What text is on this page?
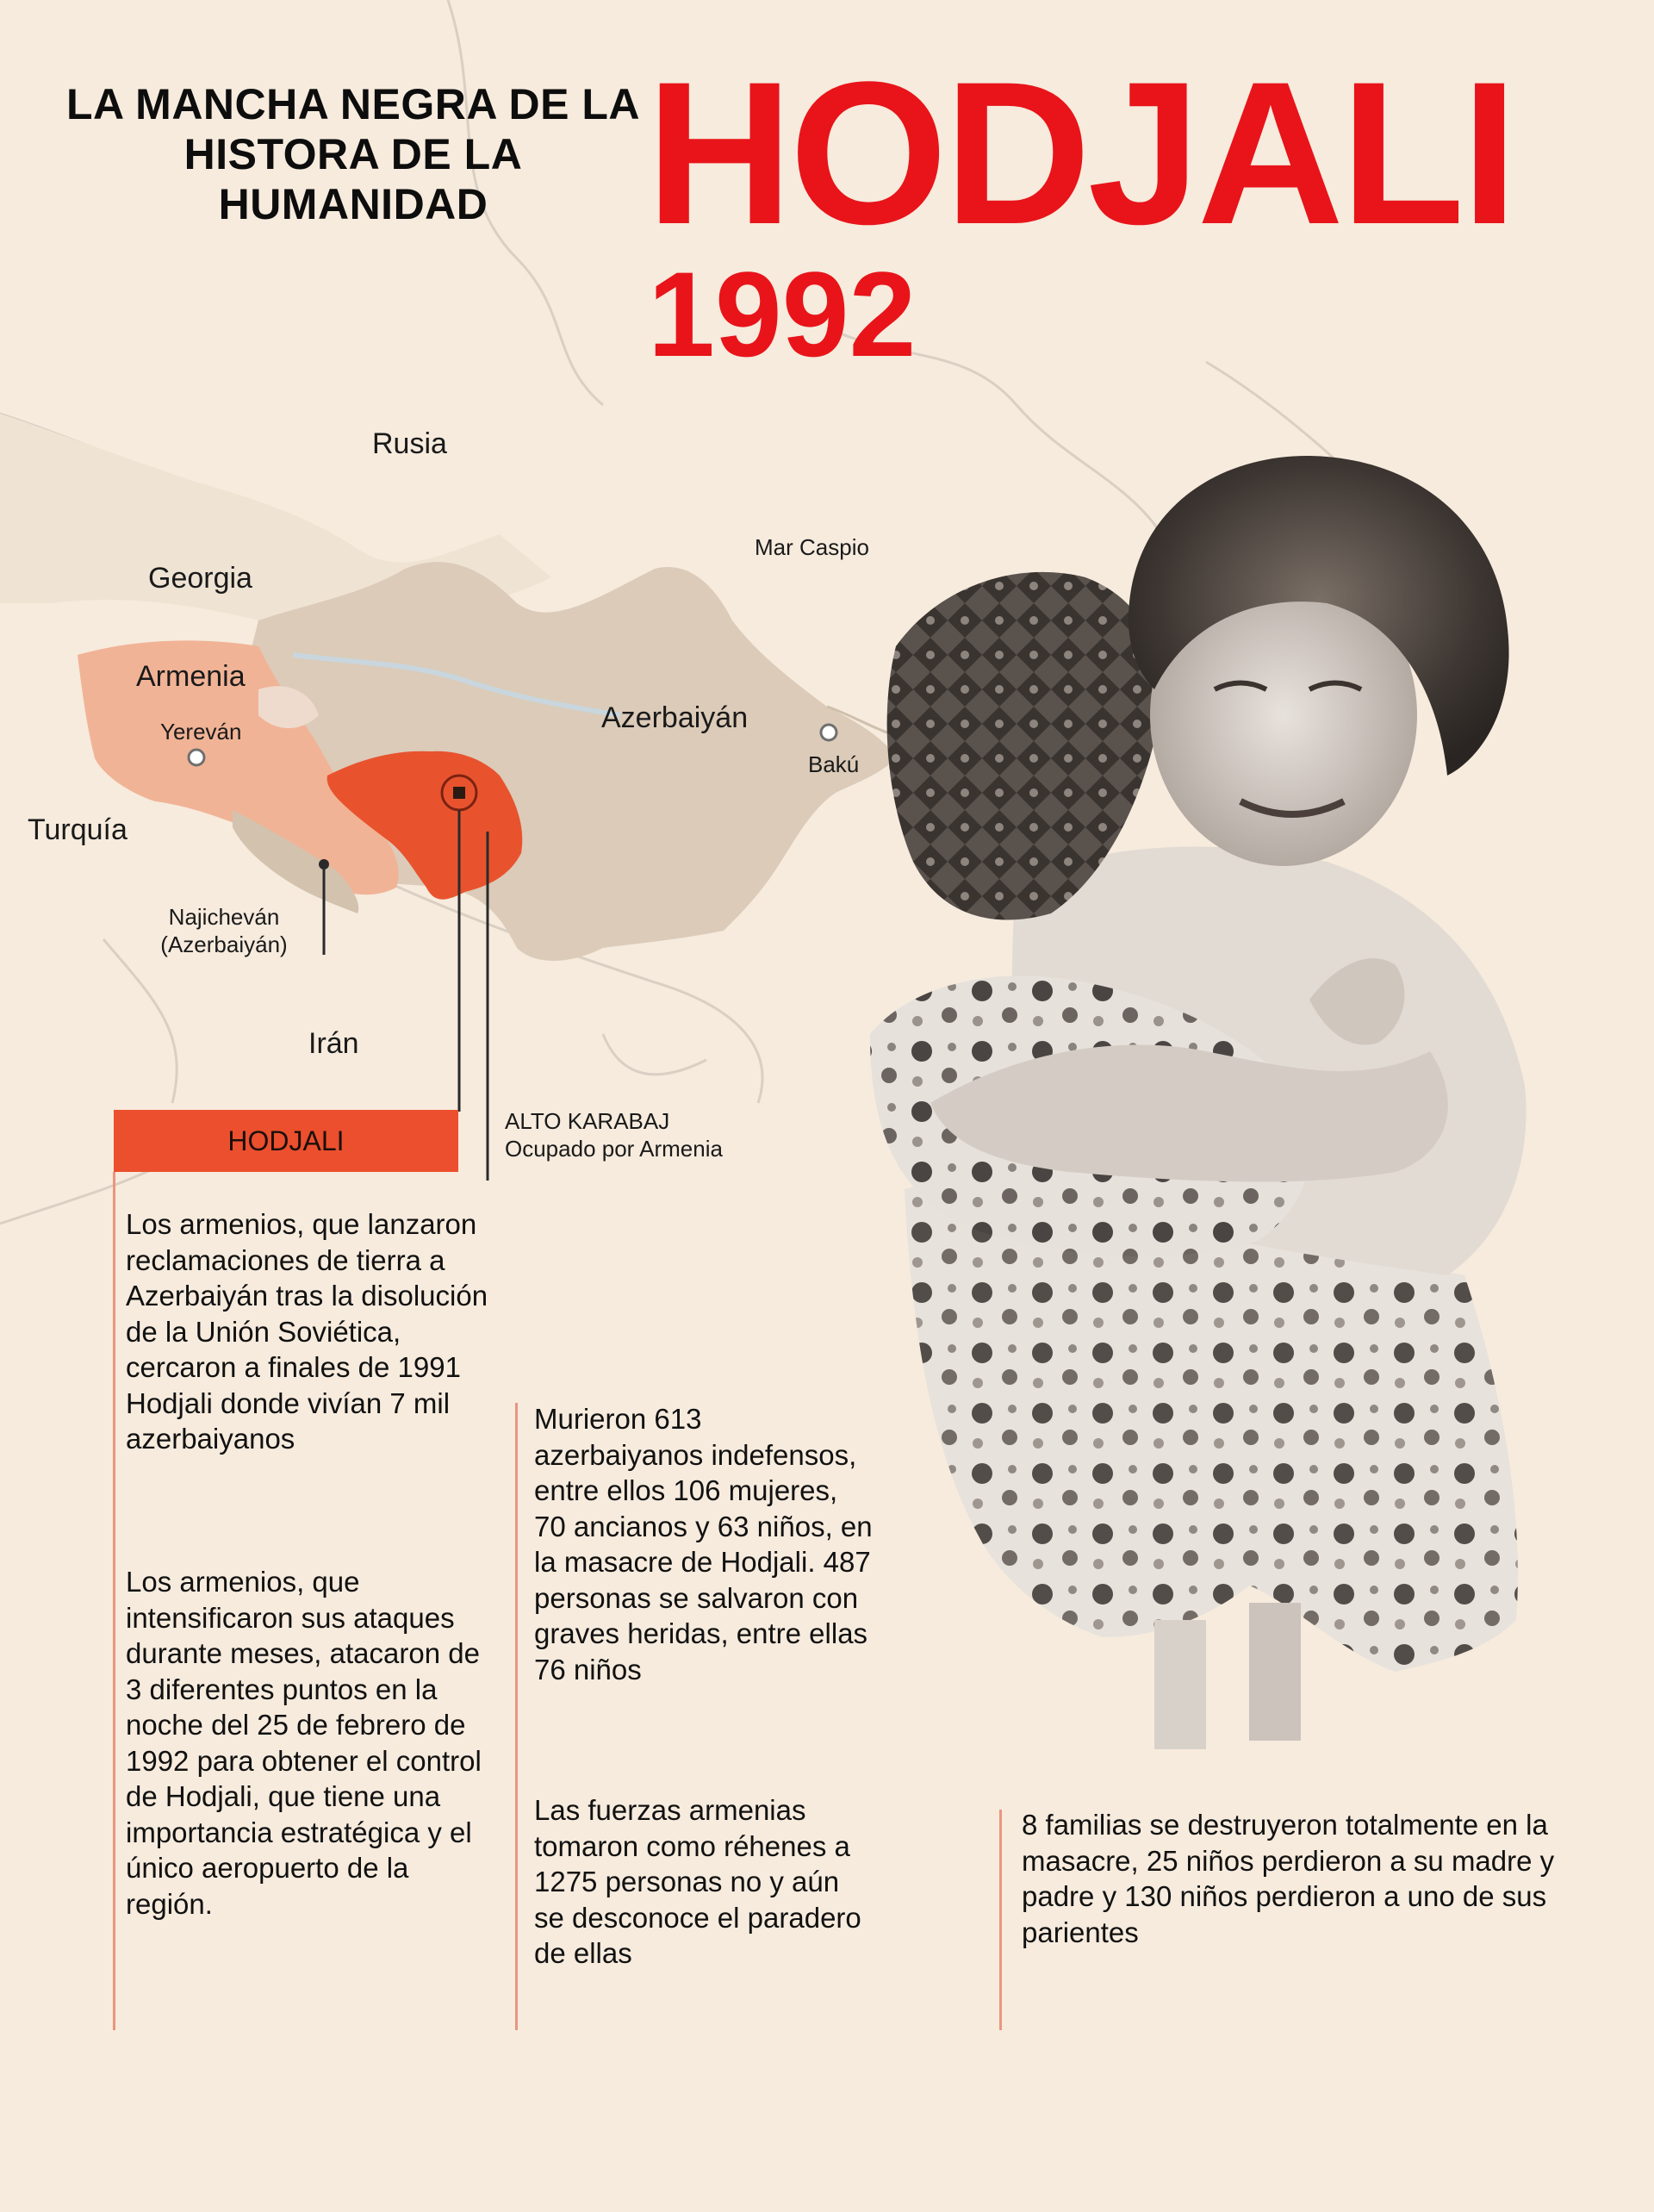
LA MANCHA NEGRA DE LA HISTORA DE LA HUMANIDAD HODJALI
1992
Rusia
Mar Caspio
Georgia
Armenia
Yereván	Azerbaiyán
Bakú
Turquía
Najicheván (Azerbaiyán)
Irán
ALTO KARABAJ
Ocupado por Armenia
HODJALI
Los armenios, que lanzaron reclamaciones de tierra a Azerbaiyán tras la disolución de la Unión Soviética, cercaron a finales de 1991 Hodjali donde vivían 7 mil azerbaiyanos
Los armenios, que intensificaron sus ataques durante meses, atacaron de 3 diferentes puntos en la noche del 25 de febrero de 1992 para obtener el control de Hodjali, que tiene una importancia estratégica y el único aeropuerto de la región.
Murieron 613 azerbaiyanos indefensos, entre ellos 106 mujeres, 70 ancianos y 63 niños, en la masacre de Hodjali. 487 personas se salvaron con graves heridas, entre ellas 76 niños
Las fuerzas armenias tomaron como réhenes a 1275 personas no y aún se desconoce el paradero de ellas
8 familias se destruyeron totalmente en la masacre, 25 niños perdieron a su madre y padre y 130 niños perdieron a uno de sus parientes
